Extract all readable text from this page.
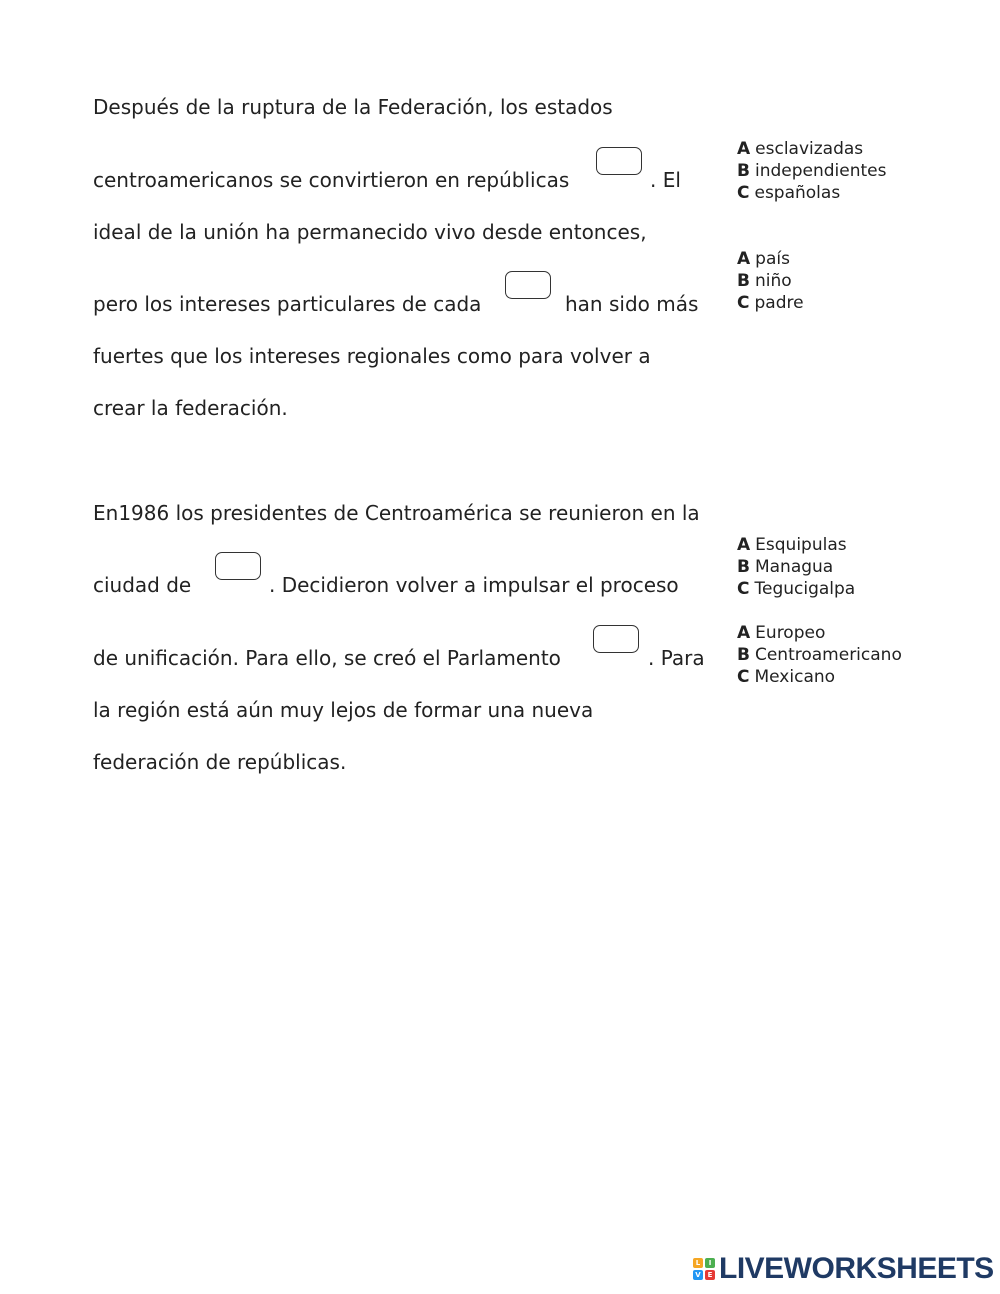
Después de la ruptura de la Federación, los estados
centroamericanos se convirtieron en repúblicas	. El
ideal de la unión ha permanecido vivo desde entonces,
pero los intereses particulares de cada	han sido más
fuertes que los intereses regionales como para volver a
crear la federación.
A esclavizadas
B independientes
C españolas
A país
B niño
C padre
En1986 los presidentes de Centroamérica se reunieron en la
ciudad de	. Decidieron volver a impulsar el proceso
de unificación. Para ello, se creó el Parlamento	. Para
la región está aún muy lejos de formar una nueva
federación de repúblicas.
A Esquipulas
B Managua
C Tegucigalpa
A Europeo
B Centroamericano
C Mexicano
L	I
V E LIVEWORKSHEETS
